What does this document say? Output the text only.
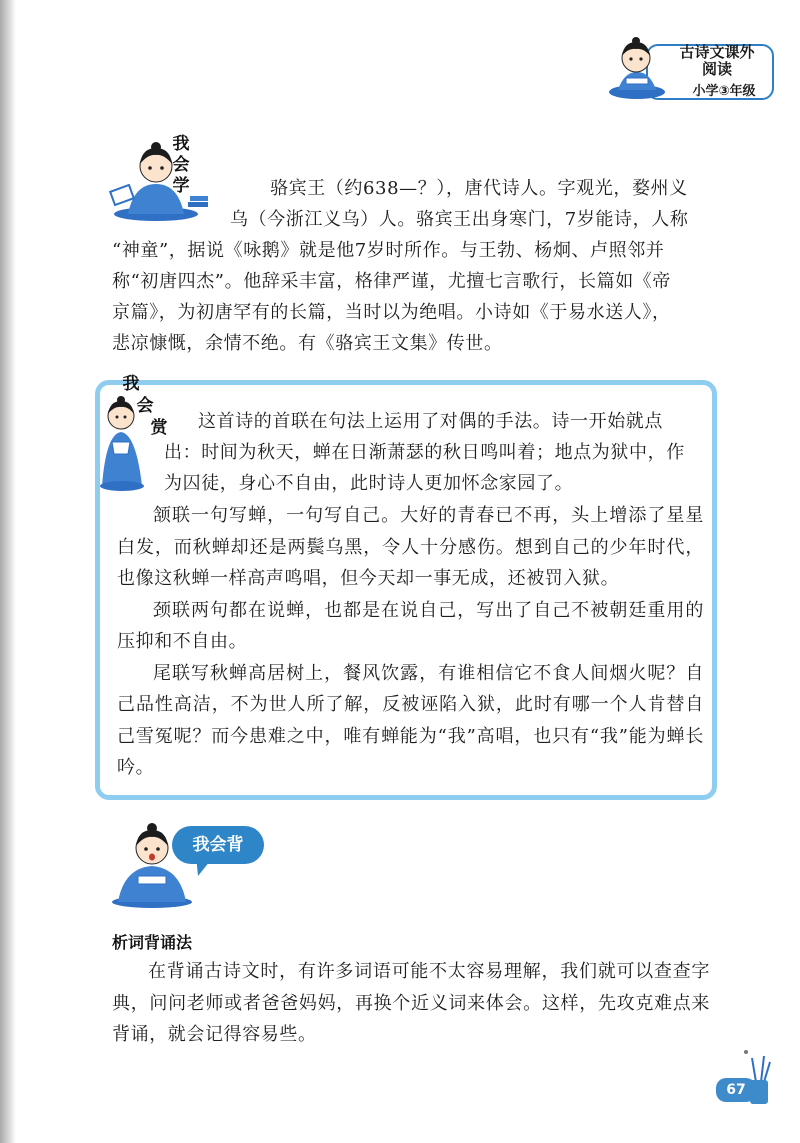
古诗文课外
阅读
小学③年级
我
会
学	骆宾王（约638—？），唐代诗人。字观光，婺州义
乌（今浙江义乌）人。骆宾王出身寒门，7岁能诗，人称
“神童”，据说《咏鹅》就是他7岁时所作。与王勃、杨炯、卢照邻并
称“初唐四杰”。他辞采丰富，格律严谨，尤擅七言歌行，长篇如《帝
京篇》，为初唐罕有的长篇，当时以为绝唱。小诗如《于易水送人》，
悲凉慷慨，余情不绝。有《骆宾王文集》传世。
我
会
赏 这首诗的首联在句法上运用了对偶的手法。诗一开始就点
出：时间为秋天，蝉在日渐萧瑟的秋日鸣叫着；地点为狱中，作
为囚徒，身心不自由，此时诗人更加怀念家园了。

颔联一句写蝉，一句写自己。大好的青春已不再，头上增添了星星白发，而秋蝉却还是两鬓乌黑，令人十分感伤。想到自己的少年时代，也像这秋蝉一样高声鸣唱，但今天却一事无成，还被罚入狱。

颈联两句都在说蝉，也都是在说自己，写出了自己不被朝廷重用的压抑和不自由。

尾联写秋蝉高居树上，餐风饮露，有谁相信它不食人间烟火呢？自己品性高洁，不为世人所了解，反被诬陷入狱，此时有哪一个人肯替自己雪冤呢？而今患难之中，唯有蝉能为“我”高唱，也只有“我”能为蝉长吟。

我会背
析词背诵法

在背诵古诗文时，有许多词语可能不太容易理解，我们就可以查查字典，问问老师或者爸爸妈妈，再换个近义词来体会。这样，先攻克难点来背诵，就会记得容易些。

67
